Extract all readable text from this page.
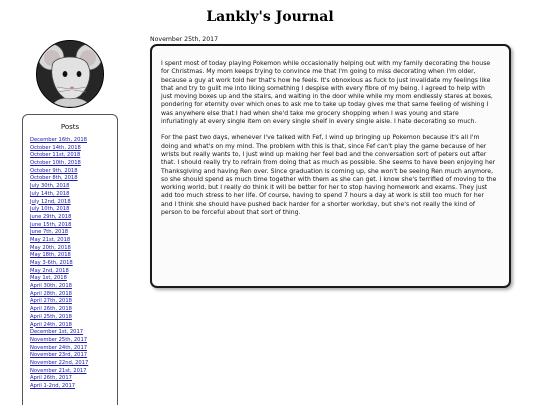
Lankly's Journal
Posts
December 16th, 2018
October 14th, 2018
October 11st, 2018
October 10th, 2018
October 9th, 2018
October 8th, 2018
July 30th, 2018
July 14th, 2018
July 12nd, 2018
July 10th, 2018
June 29th, 2018
June 15th, 2018
June 7th, 2018
May 21st, 2018
May 20th, 2018
May 18th, 2018
May 3-6th, 2018
May 2nd, 2018
May 1st, 2018
April 30th, 2018
April 28th, 2018
April 27th, 2018
April 26th, 2018
April 25th, 2018
April 24th, 2018
December 1st, 2017
November 25th, 2017
November 24th, 2017
November 23rd, 2017
November 22nd, 2017
November 21st, 2017
April 26th, 2017
April 1-2nd, 2017
November 25th, 2017

I spent most of today playing Pokemon while occasionally helping out with my family decorating the house for Christmas. My mom keeps trying to convince me that I'm going to miss decorating when I'm older, because a guy at work told her that's how he feels. It's obnoxious as fuck to just invalidate my feelings like that and try to guilt me into liking something I despise with every fibre of my being. I agreed to help with just moving boxes up and the stairs, and waiting in the door while while my mom endlessly stares at boxes, pondering for eternity over which ones to ask me to take up today gives me that same feeling of wishing I was anywhere else that I had when she'd take me grocery shopping when I was young and stare infuriatingly at every single item on every single shelf in every single aisle. I hate decorating so much.

For the past two days, whenever I've talked with Fef, I wind up bringing up Pokemon because it's all I'm doing and what's on my mind. The problem with this is that, since Fef can't play the game because of her wrists but really wants to, I just wind up making her feel bad and the conversation sort of peters out after that. I should really try to refrain from doing that as much as possible. She seems to have been enjoying her Thanksgiving and having Ren over. Since graduation is coming up, she won't be seeing Ren much anymore, so she should spend as much time together with them as she can get. I know she's terrified of moving to the working world, but I really do think it will be better for her to stop having homework and exams. They just add too much stress to her life. Of course, having to spend 7 hours a day at work is still too much for her and I think she should have pushed back harder for a shorter workday, but she's not really the kind of person to be forceful about that sort of thing.
